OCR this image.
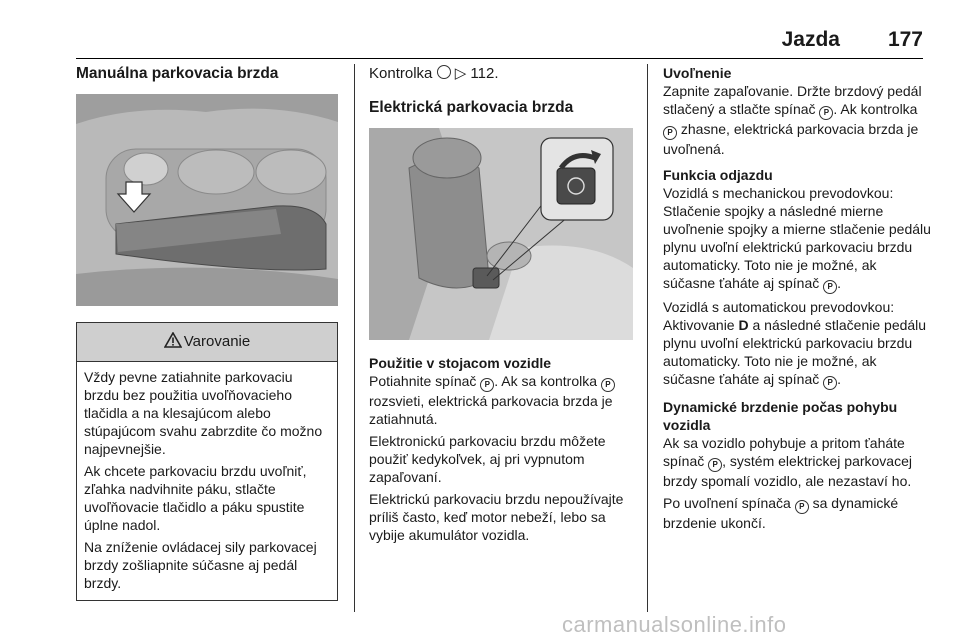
Jazda 177
Manuálna parkovacia brzda
Varovanie

Vždy pevne zatiahnite parkovaciu brzdu bez použitia uvoľňovacieho tlačidla a na klesajúcom alebo stúpajúcom svahu zabrzdite čo možno najpevnejšie.

Ak chcete parkovaciu brzdu uvoľniť, zľahka nadvihnite páku, stlačte uvoľňovacie tlačidlo a páku spustite úplne nadol.

Na zníženie ovládacej sily parkovacej brzdy zošliapnite súčasne aj pedál brzdy.

Kontrolka  ▷ 112.

Elektrická parkovacia brzda
Použitie v stojacom vozidle

Potiahnite spínač P . Ak sa kontrolka P rozsvieti, elektrická parkovacia brzda je zatiahnutá.

Elektronickú parkovaciu brzdu môžete použiť kedykoľvek, aj pri vypnutom zapaľovaní.

Elektrickú parkovaciu brzdu nepoužívajte príliš často, keď motor nebeží, lebo sa vybije akumulátor vozidla.

Uvoľnenie

Zapnite zapaľovanie. Držte brzdový pedál stlačený a stlačte spínač P . Ak kontrolka P zhasne, elektrická parkovacia brzda je uvoľnená.

Funkcia odjazdu

Vozidlá s mechanickou prevodovkou: Stlačenie spojky a následné mierne uvoľnenie spojky a mierne stlačenie pedálu plynu uvoľní elektrickú parkovaciu brzdu automaticky. Toto nie je možné, ak súčasne ťaháte aj spínač P .

Vozidlá s automatickou prevodovkou: Aktivovanie D a následné stlačenie pedálu plynu uvoľní elektrickú parkovaciu brzdu automaticky. Toto nie je možné, ak súčasne ťaháte aj spínač P .

Dynamické brzdenie počas pohybu vozidla

Ak sa vozidlo pohybuje a pritom ťaháte spínač P , systém elektrickej parkovacej brzdy spomalí vozidlo, ale nezastaví ho.

Po uvoľnení spínača P sa dynamické brzdenie ukončí.

carmanualsonline.info
